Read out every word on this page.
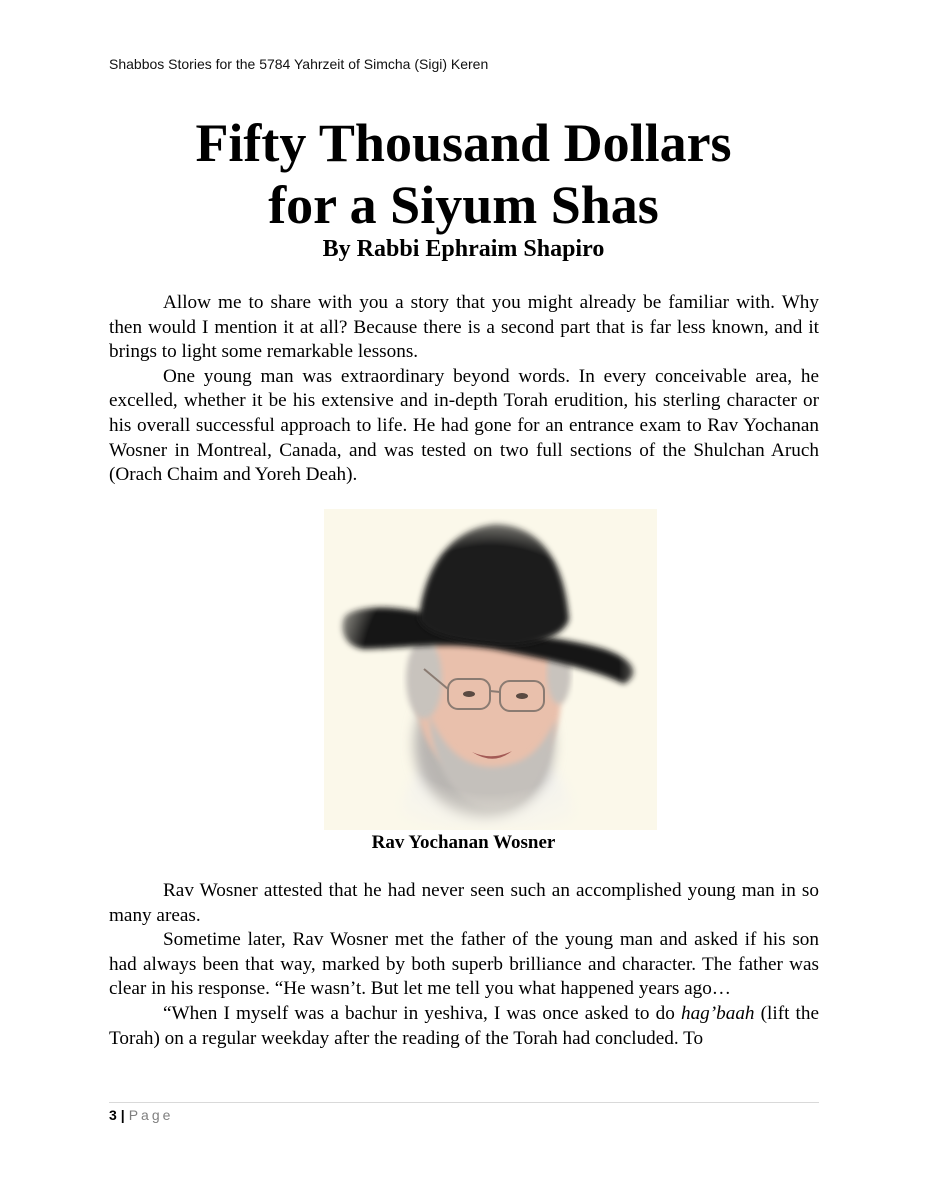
Shabbos Stories for the 5784 Yahrzeit of Simcha (Sigi) Keren
Fifty Thousand Dollars
for a Siyum Shas
By Rabbi Ephraim Shapiro

Allow me to share with you a story that you might already be familiar with. Why then would I mention it at all? Because there is a second part that is far less known, and it brings to light some remarkable lessons.

One young man was extraordinary beyond words. In every conceivable area, he excelled, whether it be his extensive and in-depth Torah erudition, his sterling character or his overall successful approach to life. He had gone for an entrance exam to Rav Yochanan Wosner in Montreal, Canada, and was tested on two full sections of the Shulchan Aruch (Orach Chaim and Yoreh Deah).

Rav Yochanan Wosner

Rav Wosner attested that he had never seen such an accomplished young man in so many areas.

Sometime later, Rav Wosner met the father of the young man and asked if his son had always been that way, marked by both superb brilliance and character. The father was clear in his response. “He wasn’t. But let me tell you what happened years ago…

“When I myself was a bachur in yeshiva, I was once asked to do hag’baah (lift the Torah) on a regular weekday after the reading of the Torah had concluded. To

3 | Page
